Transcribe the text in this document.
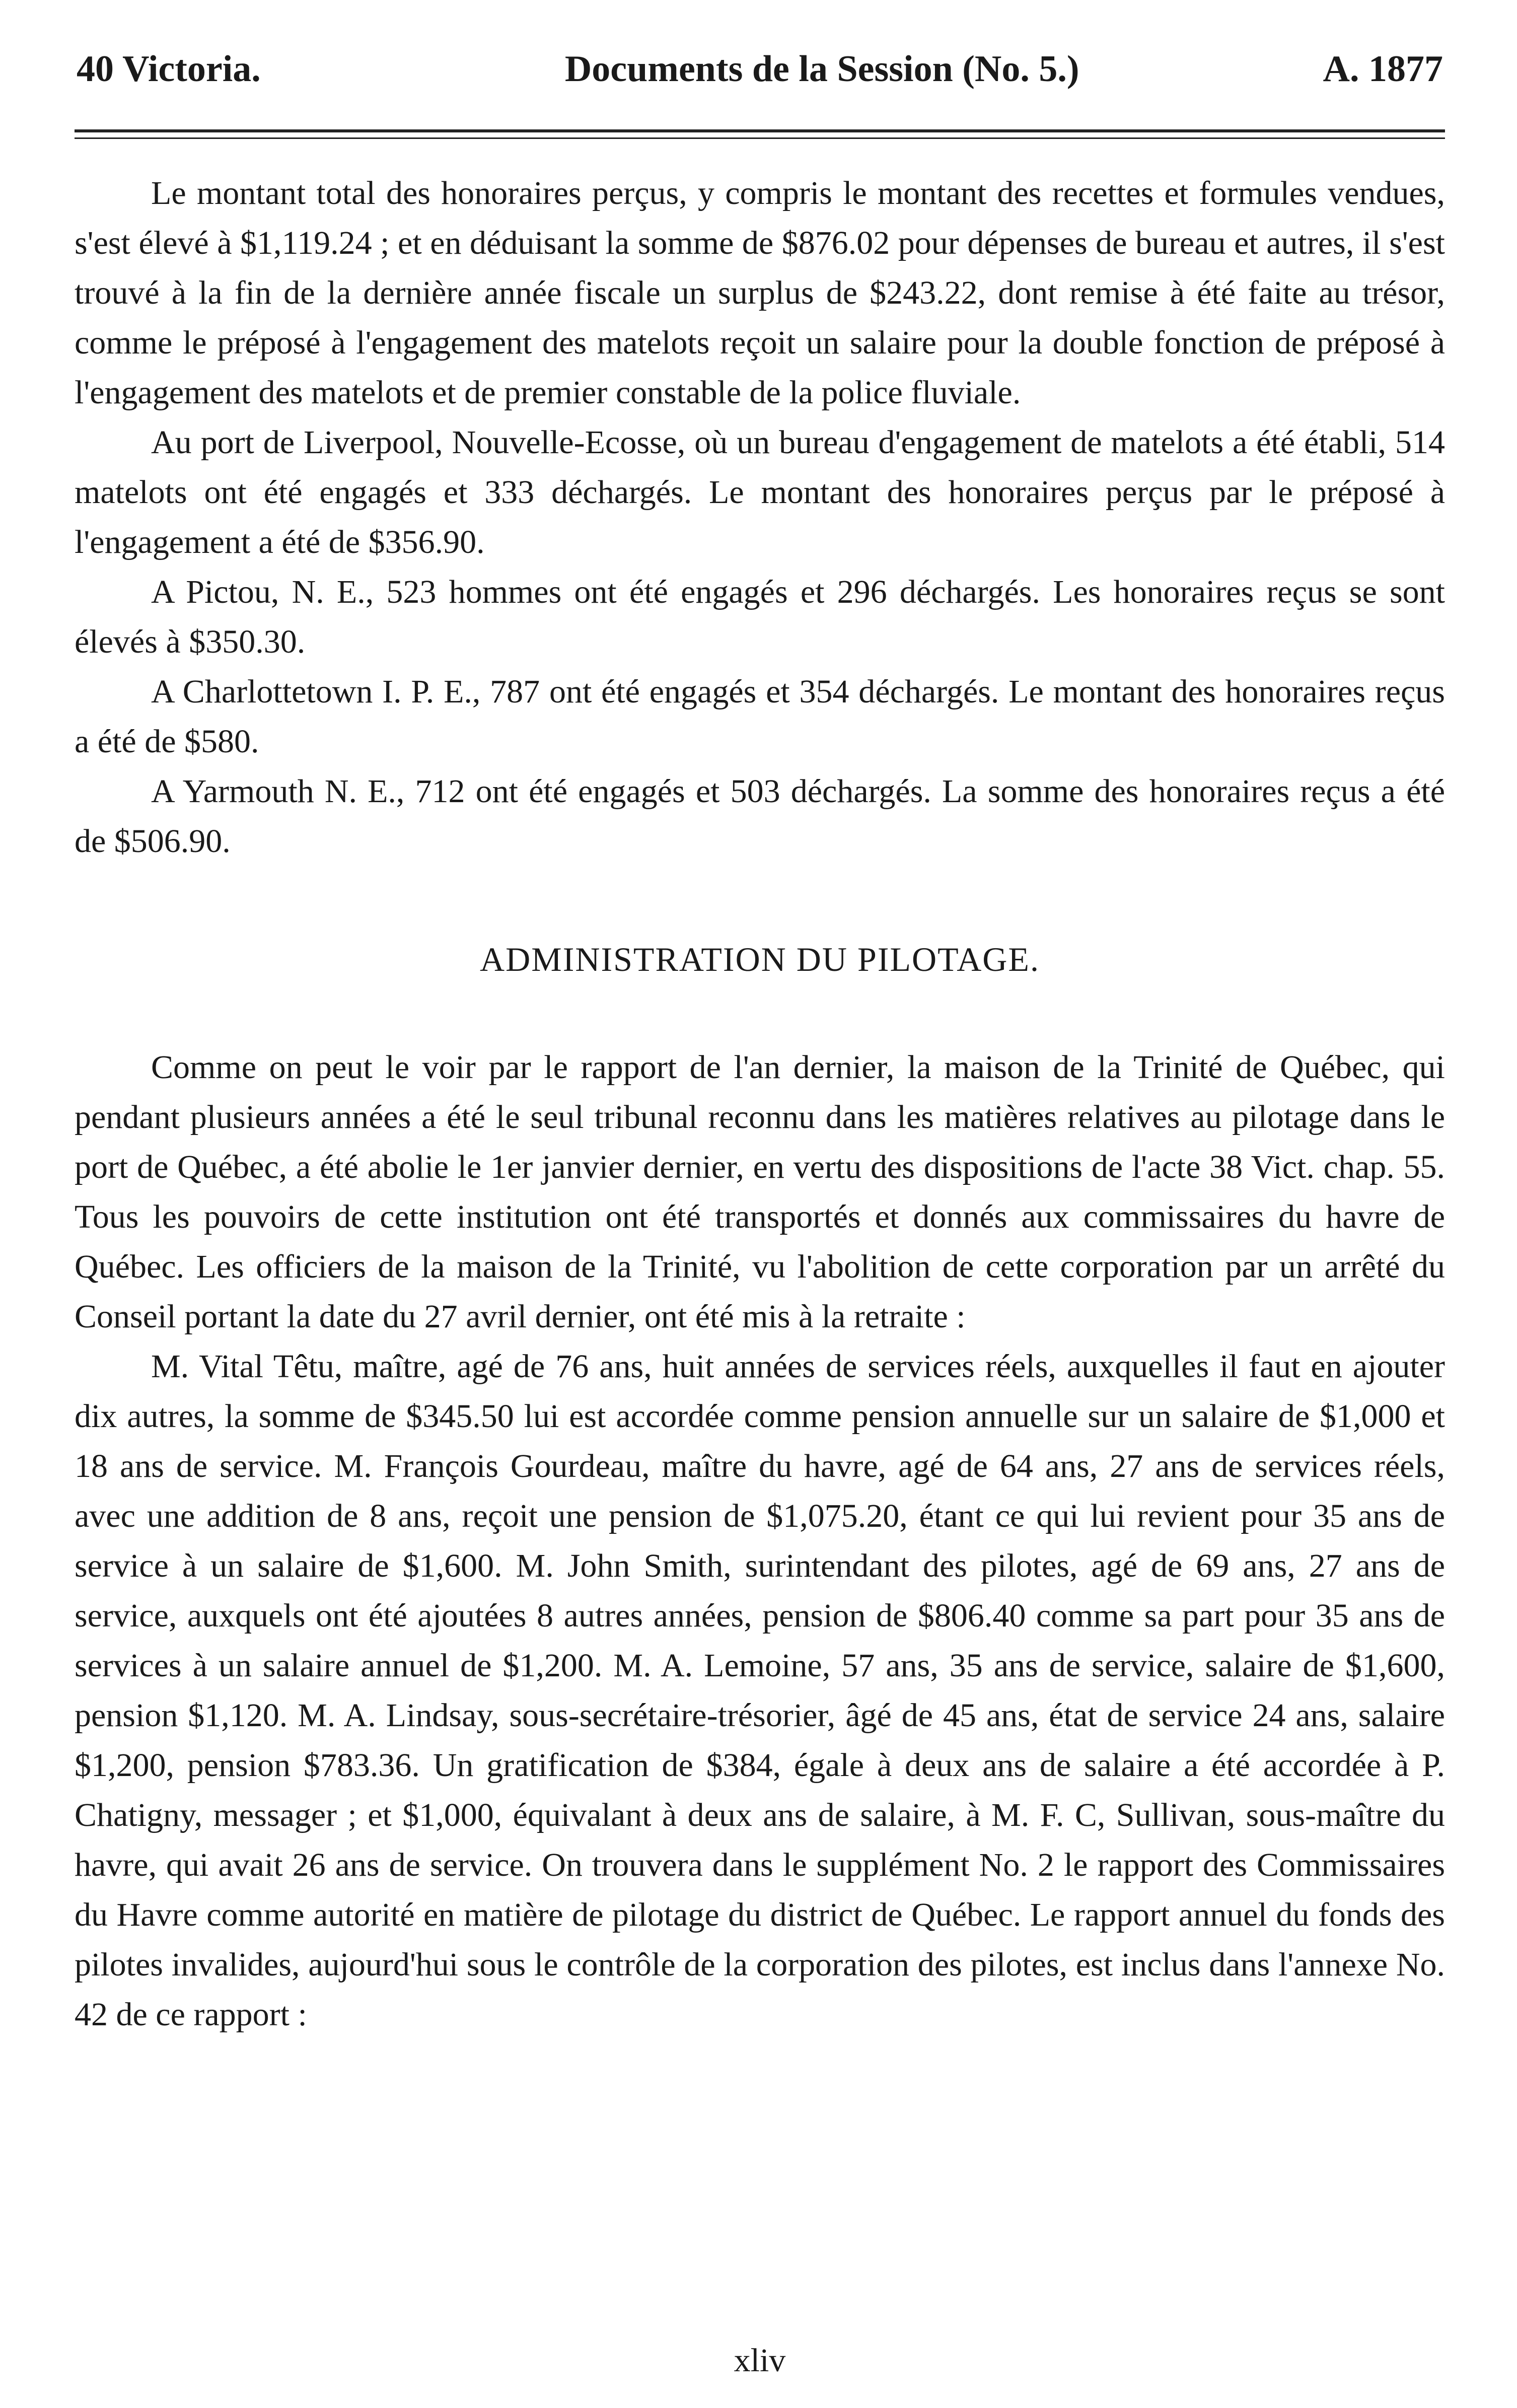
40 Victoria.	Documents de la Session (No. 5.)	A. 1877

Le montant total des honoraires perçus, y compris le montant des recettes et formules vendues, s'est élevé à $1,119.24 ; et en déduisant la somme de $876.02 pour dépenses de bureau et autres, il s'est trouvé à la fin de la dernière année fiscale un surplus de $243.22, dont remise à été faite au trésor, comme le préposé à l'engagement des matelots reçoit un salaire pour la double fonction de préposé à l'engagement des matelots et de premier constable de la police fluviale.

Au port de Liverpool, Nouvelle-Ecosse, où un bureau d'engagement de matelots a été établi, 514 matelots ont été engagés et 333 déchargés. Le montant des honoraires perçus par le préposé à l'engagement a été de $356.90.

A Pictou, N. E., 523 hommes ont été engagés et 296 déchargés. Les honoraires reçus se sont élevés à $350.30.

A Charlottetown I. P. E., 787 ont été engagés et 354 déchargés. Le montant des honoraires reçus a été de $580.

A Yarmouth N. E., 712 ont été engagés et 503 déchargés. La somme des honoraires reçus a été de $506.90.

ADMINISTRATION DU PILOTAGE.

Comme on peut le voir par le rapport de l'an dernier, la maison de la Trinité de Québec, qui pendant plusieurs années a été le seul tribunal reconnu dans les matières relatives au pilotage dans le port de Québec, a été abolie le 1er janvier dernier, en vertu des dispositions de l'acte 38 Vict. chap. 55. Tous les pouvoirs de cette institution ont été transportés et donnés aux commissaires du havre de Québec. Les officiers de la maison de la Trinité, vu l'abolition de cette corporation par un arrêté du Conseil portant la date du 27 avril dernier, ont été mis à la retraite :

M. Vital Têtu, maître, agé de 76 ans, huit années de services réels, auxquelles il faut en ajouter dix autres, la somme de $345.50 lui est accordée comme pension annuelle sur un salaire de $1,000 et 18 ans de service. M. François Gourdeau, maître du havre, agé de 64 ans, 27 ans de services réels, avec une addition de 8 ans, reçoit une pension de $1,075.20, étant ce qui lui revient pour 35 ans de service à un salaire de $1,600. M. John Smith, surintendant des pilotes, agé de 69 ans, 27 ans de service, auxquels ont été ajoutées 8 autres années, pension de $806.40 comme sa part pour 35 ans de services à un salaire annuel de $1,200. M. A. Lemoine, 57 ans, 35 ans de service, salaire de $1,600, pension $1,120. M. A. Lindsay, sous-secrétaire-trésorier, âgé de 45 ans, état de service 24 ans, salaire $1,200, pension $783.36. Un gratification de $384, égale à deux ans de salaire a été accordée à P. Chatigny, messager ; et $1,000, équivalant à deux ans de salaire, à M. F. C, Sullivan, sous-maître du havre, qui avait 26 ans de service. On trouvera dans le supplément No. 2 le rapport des Commissaires du Havre comme autorité en matière de pilotage du district de Québec. Le rapport annuel du fonds des pilotes invalides, aujourd'hui sous le contrôle de la corporation des pilotes, est inclus dans l'annexe No. 42 de ce rapport :

xliv
